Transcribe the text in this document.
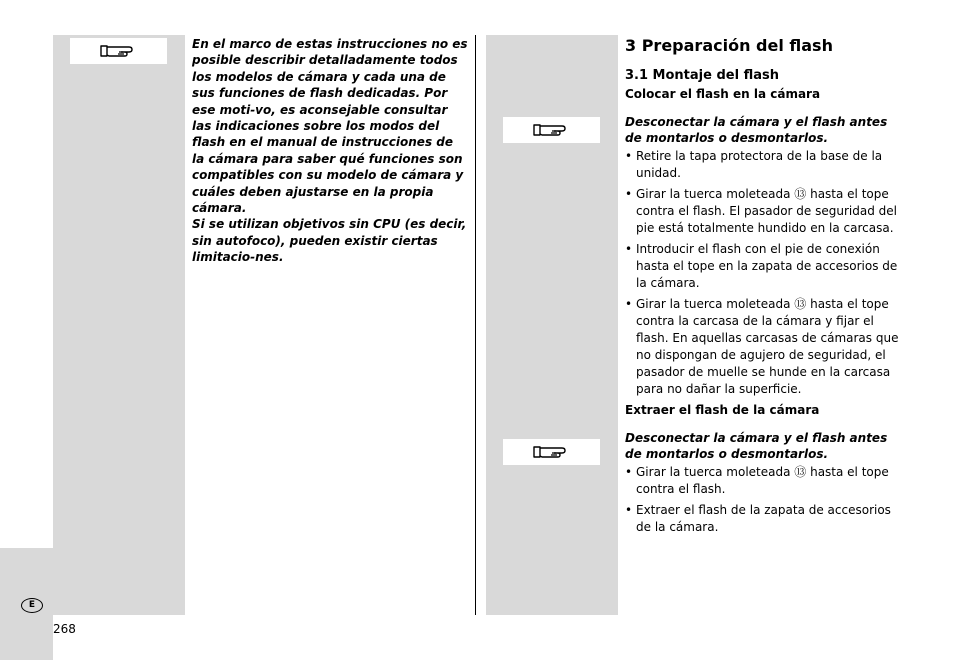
En el marco de estas instrucciones no es posible describir detalladamente todos los modelos de cámara y cada una de sus funciones de flash dedicadas. Por ese moti-vo, es aconsejable consultar las indicaciones sobre los modos del flash en el manual de instrucciones de la cámara para saber qué funciones son compatibles con su modelo de cámara y cuáles deben ajustarse en la propia cámara.

Si se utilizan objetivos sin CPU (es decir, sin autofoco), pueden existir ciertas limitacio-nes.

3 Preparación del flash
3.1 Montaje del flash
Colocar el flash en la cámara
Desconectar la cámara y el flash antes de montarlos o desmontarlos.
• Retire la tapa protectora de la base de la unidad.
• Girar la tuerca moleteada ⑬ hasta el tope contra el flash. El pasador de seguridad del pie está totalmente hundido en la carcasa.
• Introducir el flash con el pie de conexión hasta el tope en la zapata de accesorios de la cámara.
• Girar la tuerca moleteada ⑬ hasta el tope contra la carcasa de la cámara y fijar el flash. En aquellas carcasas de cámaras que no dispongan de agujero de seguridad, el pasador de muelle se hunde en la carcasa para no dañar la superficie.
Extraer el flash de la cámara
Desconectar la cámara y el flash antes de montarlos o desmontarlos.
• Girar la tuerca moleteada ⑬ hasta el tope contra el flash.
• Extraer el flash de la zapata de accesorios de la cámara.
E
268
